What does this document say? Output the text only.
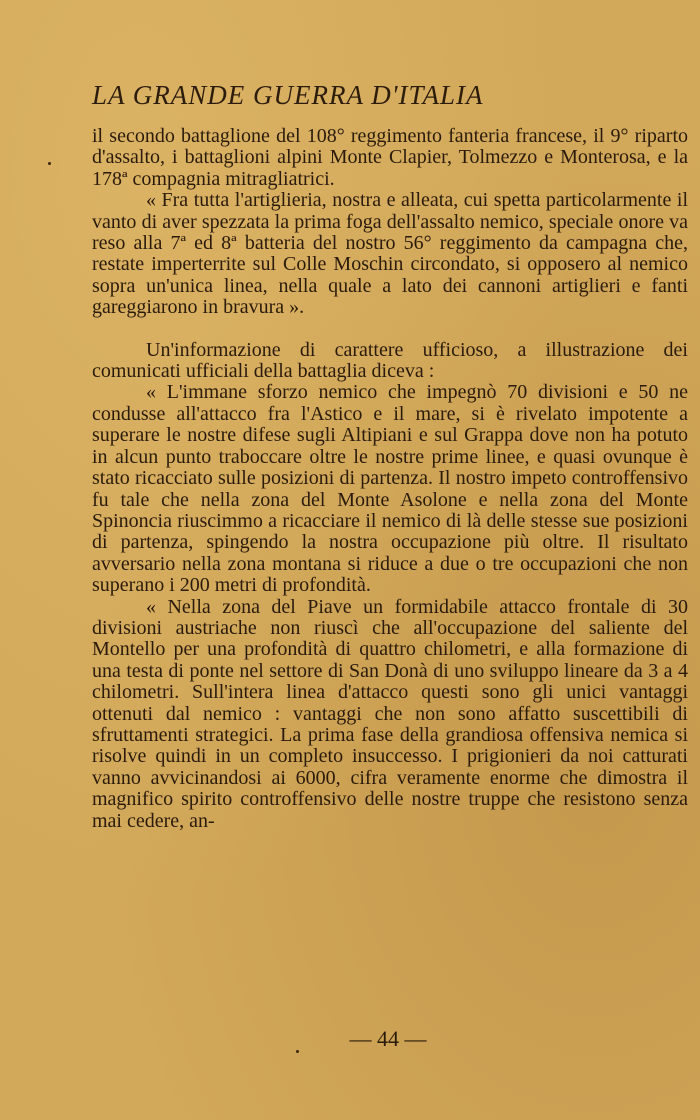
LA GRANDE GUERRA D'ITALIA

il secondo battaglione del 108° reggimento fanteria francese, il 9° riparto d'assalto, i battaglioni alpini Monte Clapier, Tolmezzo e Monterosa, e la 178ª compagnia mitragliatrici.

« Fra tutta l'artiglieria, nostra e alleata, cui spetta particolarmente il vanto di aver spezzata la prima foga dell'assalto nemico, speciale onore va reso alla 7ª ed 8ª batteria del nostro 56° reggimento da campagna che, restate imperterrite sul Colle Moschin circondato, si opposero al nemico sopra un'unica linea, nella quale a lato dei cannoni artiglieri e fanti gareggiarono in bravura ».

Un'informazione di carattere ufficioso, a illustrazione dei comunicati ufficiali della battaglia diceva :

« L'immane sforzo nemico che impegnò 70 divisioni e 50 ne condusse all'attacco fra l'Astico e il mare, si è rivelato impotente a superare le nostre difese sugli Altipiani e sul Grappa dove non ha potuto in alcun punto traboccare oltre le nostre prime linee, e quasi ovunque è stato ricacciato sulle posizioni di partenza. Il nostro impeto controffensivo fu tale che nella zona del Monte Asolone e nella zona del Monte Spinoncia riuscimmo a ricacciare il nemico di là delle stesse sue posizioni di partenza, spingendo la nostra occupazione più oltre. Il risultato avversario nella zona montana si riduce a due o tre occupazioni che non superano i 200 metri di profondità.

« Nella zona del Piave un formidabile attacco frontale di 30 divisioni austriache non riuscì che all'occupazione del saliente del Montello per una profondità di quattro chilometri, e alla formazione di una testa di ponte nel settore di San Donà di uno sviluppo lineare da 3 a 4 chilometri. Sull'intera linea d'attacco questi sono gli unici vantaggi ottenuti dal nemico : vantaggi che non sono affatto suscettibili di sfruttamenti strategici. La prima fase della grandiosa offensiva nemica si risolve quindi in un completo insuccesso. I prigionieri da noi catturati vanno avvicinandosi ai 6000, cifra veramente enorme che dimostra il magnifico spirito controffensivo delle nostre truppe che resistono senza mai cedere, an-

— 44 —
